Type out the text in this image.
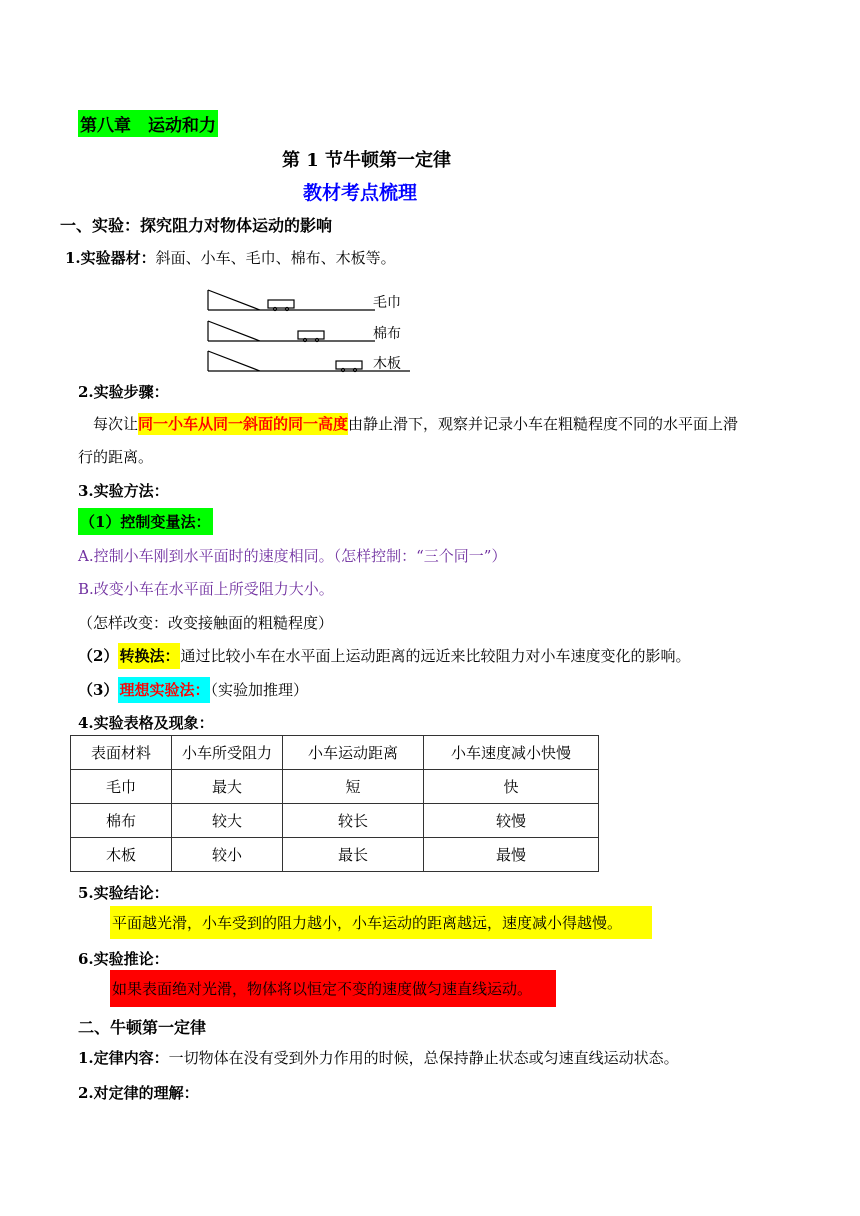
第八章　运动和力
第 1 节牛顿第一定律
教材考点梳理
一、实验：探究阻力对物体运动的影响
1.实验器材：斜面、小车、毛巾、棉布、木板等。
毛巾
棉布
木板
2.实验步骤：
每次让同一小车从同一斜面的同一高度由静止滑下，观察并记录小车在粗糙程度不同的水平面上滑
行的距离。
3.实验方法：
（1）控制变量法：
A.控制小车刚到水平面时的速度相同。（怎样控制：“三个同一”）
B.改变小车在水平面上所受阻力大小。
（怎样改变：改变接触面的粗糙程度）
（2）转换法：通过比较小车在水平面上运动距离的远近来比较阻力对小车速度变化的影响。
（3）理想实验法：（实验加推理）
4.实验表格及现象：
表面材料	小车所受阻力	小车运动距离	小车速度减小快慢
毛巾	最大	短	快
棉布	较大	较长	较慢
木板	较小	最长	最慢
5.实验结论：
平面越光滑，小车受到的阻力越小，小车运动的距离越远，速度减小得越慢。
6.实验推论：
如果表面绝对光滑，物体将以恒定不变的速度做匀速直线运动。
二、牛顿第一定律
1.定律内容：一切物体在没有受到外力作用的时候，总保持静止状态或匀速直线运动状态。
2.对定律的理解：
